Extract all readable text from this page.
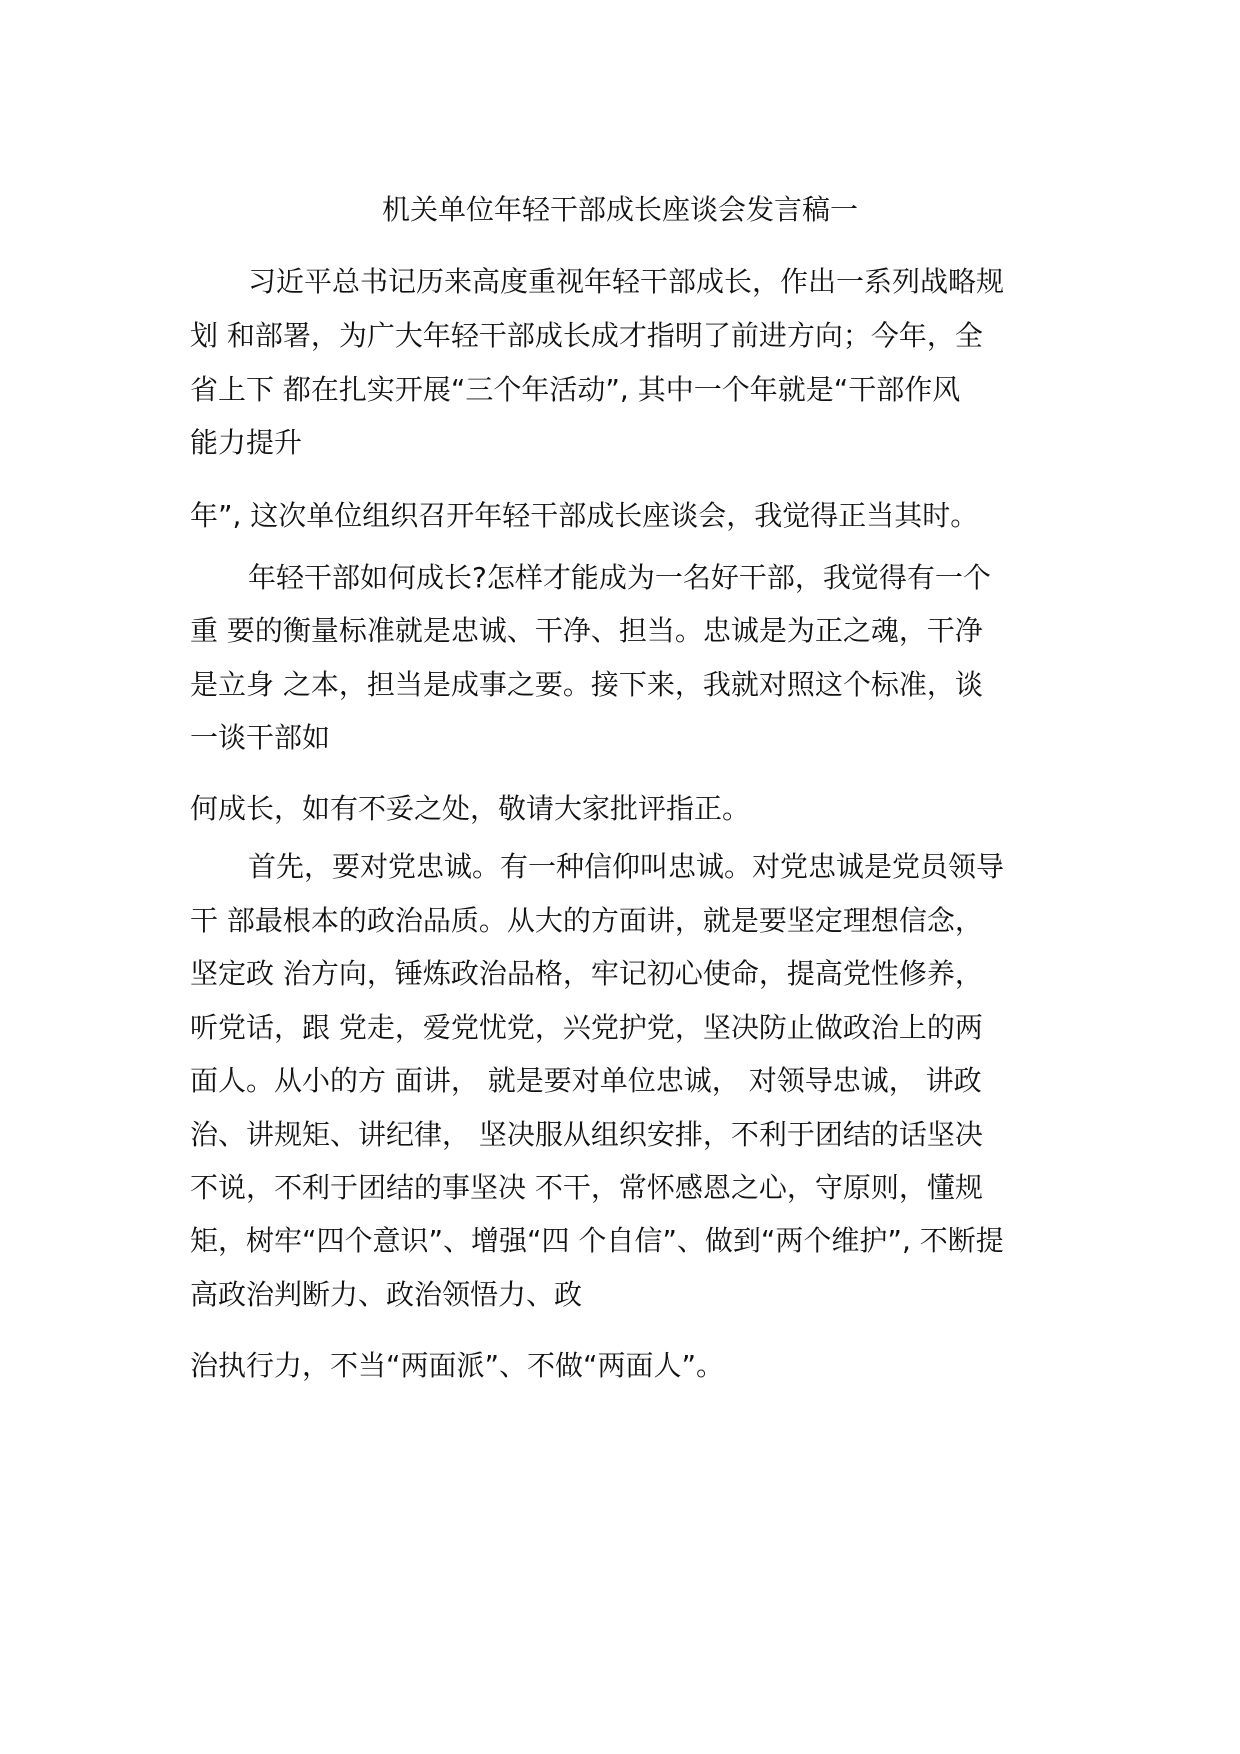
机关单位年轻干部成长座谈会发言稿一
习近平总书记历来高度重视年轻干部成长，作出一系列战略规
划 和部署，为广大年轻干部成长成才指明了前进方向；今年，全
省上下 都在扎实开展“三个年活动”, 其中一个年就是“干部作风
能力提升
年”, 这次单位组织召开年轻干部成长座谈会，我觉得正当其时。
年轻干部如何成长?怎样才能成为一名好干部，我觉得有一个
重 要的衡量标准就是忠诚、干净、担当。忠诚是为正之魂，干净
是立身 之本，担当是成事之要。接下来，我就对照这个标准，谈
一谈干部如
何成长，如有不妥之处，敬请大家批评指正。
首先，要对党忠诚。有一种信仰叫忠诚。对党忠诚是党员领导
干 部最根本的政治品质。从大的方面讲，就是要坚定理想信念，
坚定政 治方向，锤炼政治品格，牢记初心使命，提高党性修养，
听党话，跟 党走，爱党忧党，兴党护党，坚决防止做政治上的两
面人。从小的方 面讲， 就是要对单位忠诚， 对领导忠诚， 讲政
治、讲规矩、讲纪律， 坚决服从组织安排，不利于团结的话坚决
不说，不利于团结的事坚决 不干，常怀感恩之心，守原则，懂规
矩，树牢“四个意识”、增强“四 个自信”、做到“两个维护”, 不断提
高政治判断力、政治领悟力、政
治执行力，不当“两面派”、不做“两面人”。
